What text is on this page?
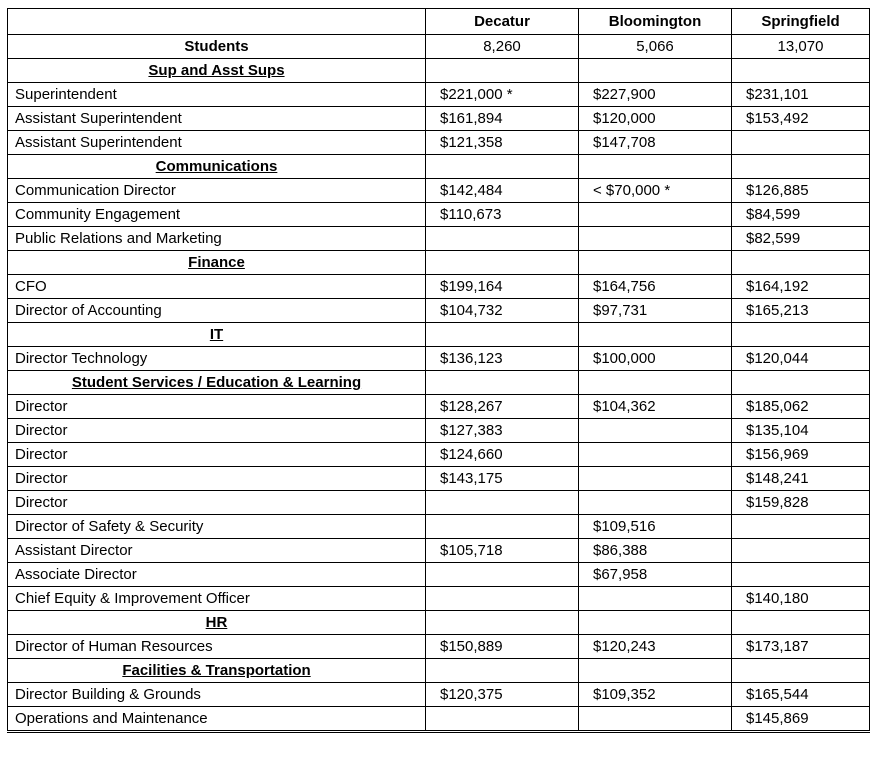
	Decatur	Bloomington	Springfield
Students	8,260	5,066	13,070
Sup and Asst Sups			
Superintendent	$221,000 *	$227,900	$231,101
Assistant Superintendent	$161,894	$120,000	$153,492
Assistant Superintendent	$121,358	$147,708	
Communications			
Communication Director	$142,484	< $70,000 *	$126,885
Community Engagement	$110,673		$84,599
Public Relations and Marketing			$82,599
Finance			
CFO	$199,164	$164,756	$164,192
Director of Accounting	$104,732	$97,731	$165,213
IT			
Director Technology	$136,123	$100,000	$120,044
Student Services / Education & Learning			
Director	$128,267	$104,362	$185,062
Director	$127,383		$135,104
Director	$124,660		$156,969
Director	$143,175		$148,241
Director			$159,828
Director of Safety & Security		$109,516	
Assistant Director	$105,718	$86,388	
Associate Director		$67,958	
Chief Equity & Improvement Officer			$140,180
HR			
Director of Human Resources	$150,889	$120,243	$173,187
Facilities & Transportation			
Director Building & Grounds	$120,375	$109,352	$165,544
Operations and Maintenance			$145,869
